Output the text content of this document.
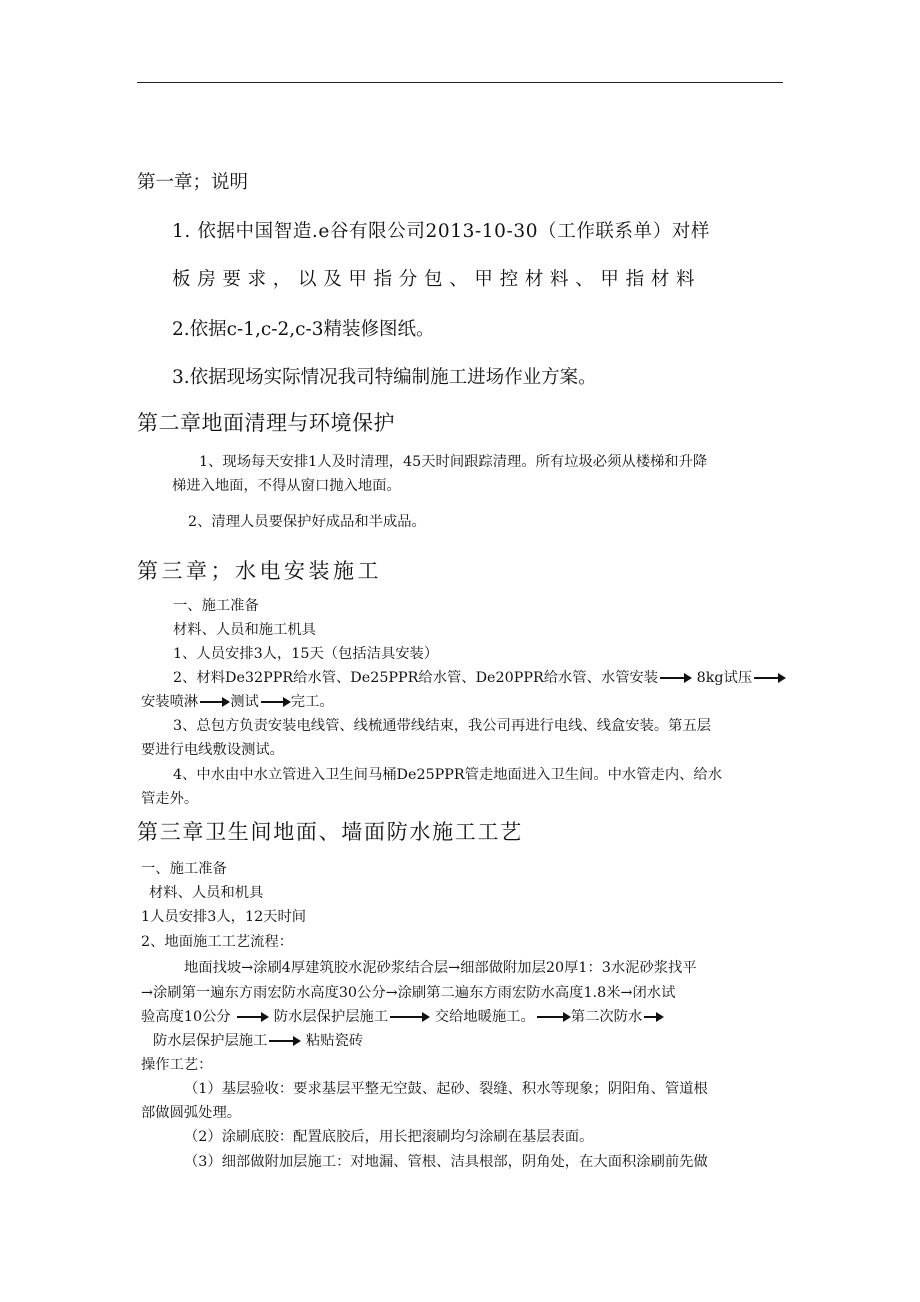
第一章；说明
1. 依据中国智造.e谷有限公司2013-10-30（工作联系单）对样
板房要求，以及甲指分包、甲控材料、甲指材料
2.依据c-1,c-2,c-3精装修图纸。
3.依据现场实际情况我司特编制施工进场作业方案。
第二章地面清理与环境保护
1、现场每天安排1人及时清理，45天时间跟踪清理。所有垃圾必须从楼梯和升降
梯进入地面，不得从窗口抛入地面。
2、清理人员要保护好成品和半成品。
第三章；水电安装施工
一、施工准备
材料、人员和施工机具
1、人员安排3人，15天（包括洁具安装）
2、材料De32PPR给水管、De25PPR给水管、De20PPR给水管、水管安装	8kg试压
安装喷淋 测试 完工。
3、总包方负责安装电线管、线梳通带线结束，我公司再进行电线、线盒安装。第五层
要进行电线敷设测试。
4、中水由中水立管进入卫生间马桶De25PPR管走地面进入卫生间。中水管走内、给水
管走外。
第三章卫生间地面、墙面防水施工工艺
一、施工准备
材料、人员和机具
1人员安排3人，12天时间
2、地面施工工艺流程：
地面找坡→涂刷4厚建筑胶水泥砂浆结合层→细部做附加层20厚1：3水泥砂浆找平
→涂刷第一遍东方雨宏防水高度30公分→涂刷第二遍东方雨宏防水高度1.8米→闭水试
验高度10公分	防水层保护层施工	交给地暖施工。	第二次防水
防水层保护层施工	粘贴瓷砖
操作工艺：
（1）基层验收：要求基层平整无空鼓、起砂、裂缝、积水等现象；阴阳角、管道根
部做圆弧处理。
（2）涂刷底胶：配置底胶后，用长把滚刷均匀涂刷在基层表面。
（3）细部做附加层施工：对地漏、管根、洁具根部，阴角处，在大面积涂刷前先做
